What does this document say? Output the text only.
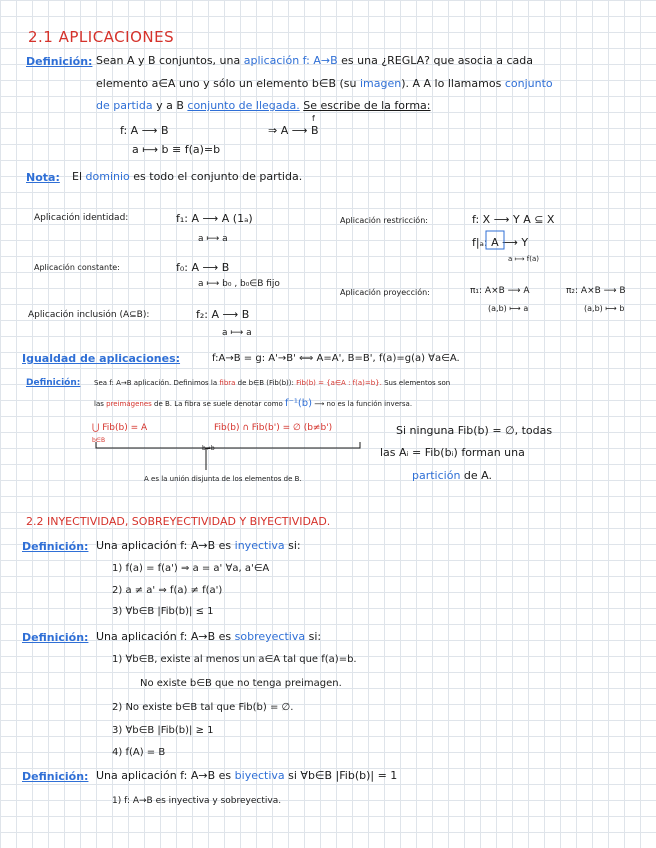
2.1 APLICACIONES
Definición: Sean A y B conjuntos, una aplicación f: A→B es una ¿REGLA? que asocia a cada
elemento a∈A uno y sólo un elemento b∈B (su imagen). A A lo llamamos conjunto
de partida y a B conjunto de llegada. Se escribe de la forma:
f: A ⟶ B	⇒ A ⟶ B
f
a ⟼ b ≡ f(a)=b
Nota: El dominio es todo el conjunto de partida.
Aplicación identidad:	f₁: A ⟶ A (1ₐ)
a ⟼ a
Aplicación constante:	f₀: A ⟶ B
a ⟼ b₀ , b₀∈B fijo
Aplicación inclusión (A⊆B):	f₂: A ⟶ B
a ⟼ a
Aplicación restricción:	f: X ⟶ Y A ⊆ X
f|ₐ: A ⟶ Y
a ⟼ f(a)
Aplicación proyección:	π₁: A×B ⟶ A
(a,b) ⟼ a
π₂: A×B ⟶ B
(a,b) ⟼ b
Igualdad de aplicaciones:	f:A→B = g: A'→B' ⟺ A=A', B=B', f(a)=g(a) ∀a∈A.
Definición: Sea f: A→B aplicación. Definimos la fibra de b∈B (Fib(b)): Fib(b) = {a∈A : f(a)=b}. Sus elementos son
las preimágenes de B. La fibra se suele denotar como f⁻¹(b) ⟶ no es la función inversa.
⋃ Fib(b) = A
b∈B
Fib(b) ∩ Fib(b') = ∅ (b≠b')
b≠b
A es la unión disjunta de los elementos de B.
Si ninguna Fib(b) = ∅, todas
las Aᵢ = Fib(bᵢ) forman una
partición de A.
2.2 INYECTIVIDAD, SOBREYECTIVIDAD Y BIYECTIVIDAD.
Definición: Una aplicación f: A→B es inyectiva si:
1) f(a) = f(a') ⇒ a = a' ∀a, a'∈A
2) a ≠ a' ⇒ f(a) ≠ f(a')
3) ∀b∈B |Fib(b)| ≤ 1
Definición: Una aplicación f: A→B es sobreyectiva si:
1) ∀b∈B, existe al menos un a∈A tal que f(a)=b.
No existe b∈B que no tenga preimagen.
2) No existe b∈B tal que Fib(b) = ∅.
3) ∀b∈B |Fib(b)| ≥ 1
4) f(A) = B
Definición: Una aplicación f: A→B es biyectiva si ∀b∈B |Fib(b)| = 1
1) f: A→B es inyectiva y sobreyectiva.
